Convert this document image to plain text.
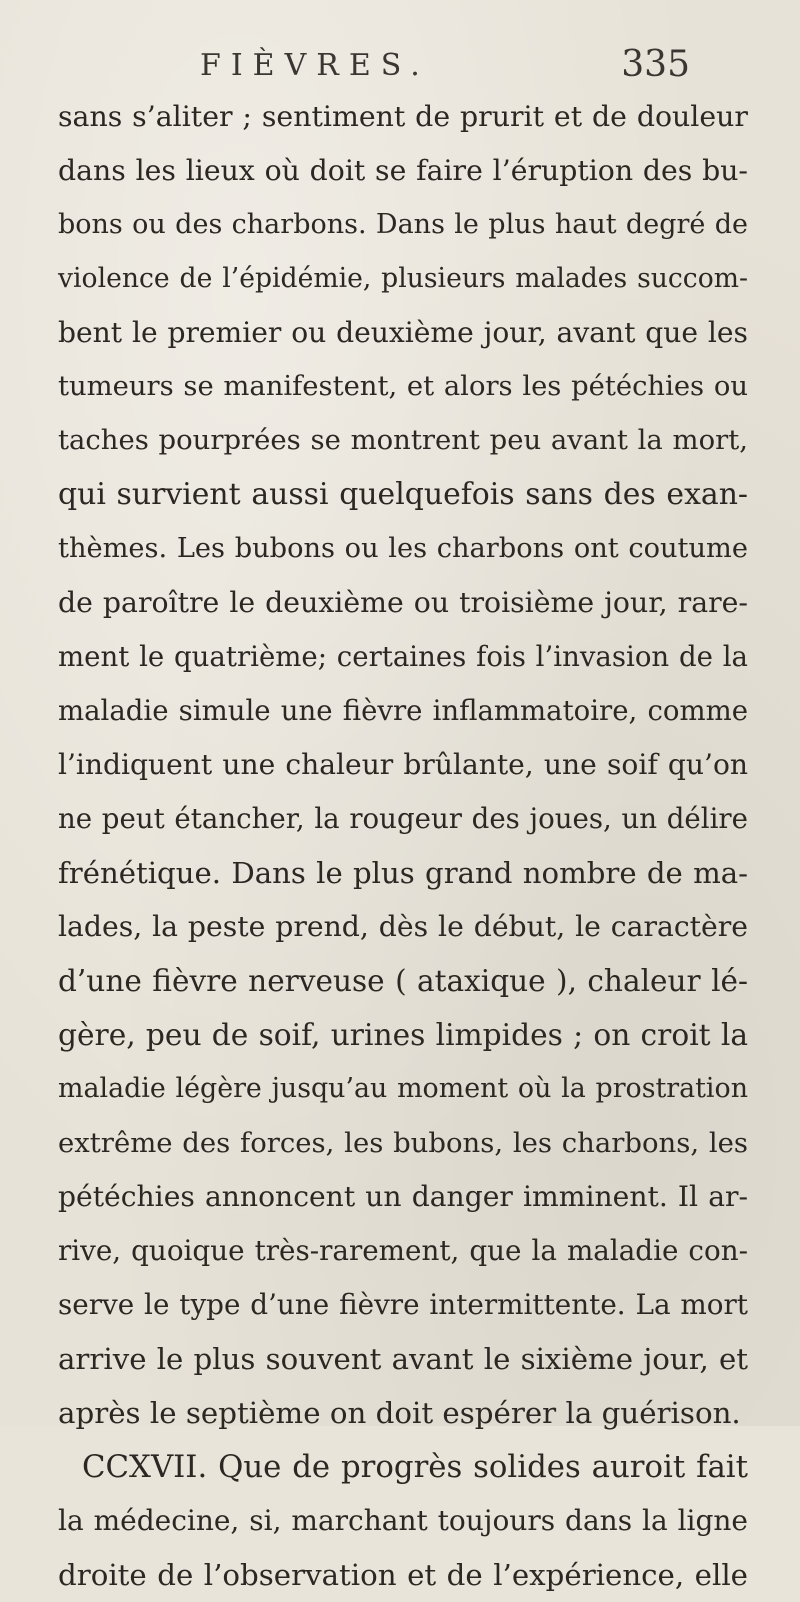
FIÈVRES.	335
sans s’aliter ; sentiment de prurit et de douleur
dans les lieux où doit se faire l’éruption des bu-
bons ou des charbons. Dans le plus haut degré de
violence de l’épidémie, plusieurs malades succom-
bent le premier ou deuxième jour, avant que les
tumeurs se manifestent, et alors les pétéchies ou
taches pourprées se montrent peu avant la mort,
qui survient aussi quelquefois sans des exan-
thèmes. Les bubons ou les charbons ont coutume
de paroître le deuxième ou troisième jour, rare-
ment le quatrième; certaines fois l’invasion de la
maladie simule une fièvre inflammatoire, comme
l’indiquent une chaleur brûlante, une soif qu’on
ne peut étancher, la rougeur des joues, un délire
frénétique. Dans le plus grand nombre de ma-
lades, la peste prend, dès le début, le caractère
d’une fièvre nerveuse ( ataxique ), chaleur lé-
gère, peu de soif, urines limpides ; on croit la
maladie légère jusqu’au moment où la prostration
extrême des forces, les bubons, les charbons, les
pétéchies annoncent un danger imminent. Il ar-
rive, quoique très-rarement, que la maladie con-
serve le type d’une fièvre intermittente. La mort
arrive le plus souvent avant le sixième jour, et
après le septième on doit espérer la guérison.
CCXVII. Que de progrès solides auroit fait
la médecine, si, marchant toujours dans la ligne
droite de l’observation et de l’expérience, elle
